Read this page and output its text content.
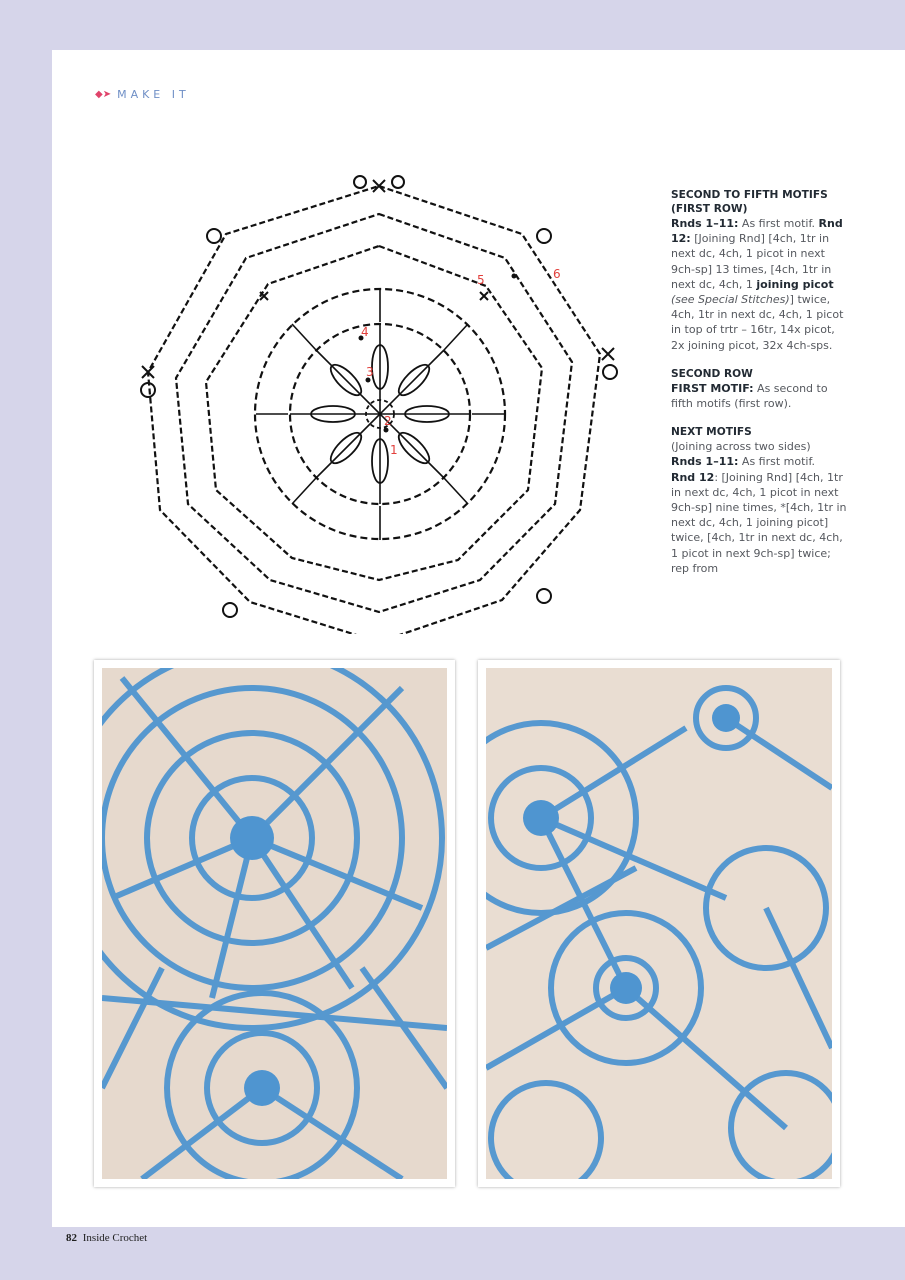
◆➤ MAKE IT
2
3
4
5	6
1
SECOND TO FIFTH MOTIFS (FIRST ROW)

Rnds 1–11: As first motif. Rnd 12: [Joining Rnd] [4ch, 1tr in next dc, 4ch, 1 picot in next 9ch-sp] 13 times, [4ch, 1tr in next dc, 4ch, 1 joining picot (see Special Stitches)] twice, 4ch, 1tr in next dc, 4ch, 1 picot in top of trtr – 16tr, 14x picot, 2x joining picot, 32x 4ch-sps.

SECOND ROW

FIRST MOTIF: As second to fifth motifs (first row).

NEXT MOTIFS

(Joining across two sides)
Rnds 1–11: As first motif.
Rnd 12: [Joining Rnd] [4ch, 1tr in next dc, 4ch, 1 picot in next 9ch-sp] nine times, *[4ch, 1tr in next dc, 4ch, 1 joining picot] twice, [4ch, 1tr in next dc, 4ch, 1 picot in next 9ch-sp] twice; rep from

82 Inside Crochet
